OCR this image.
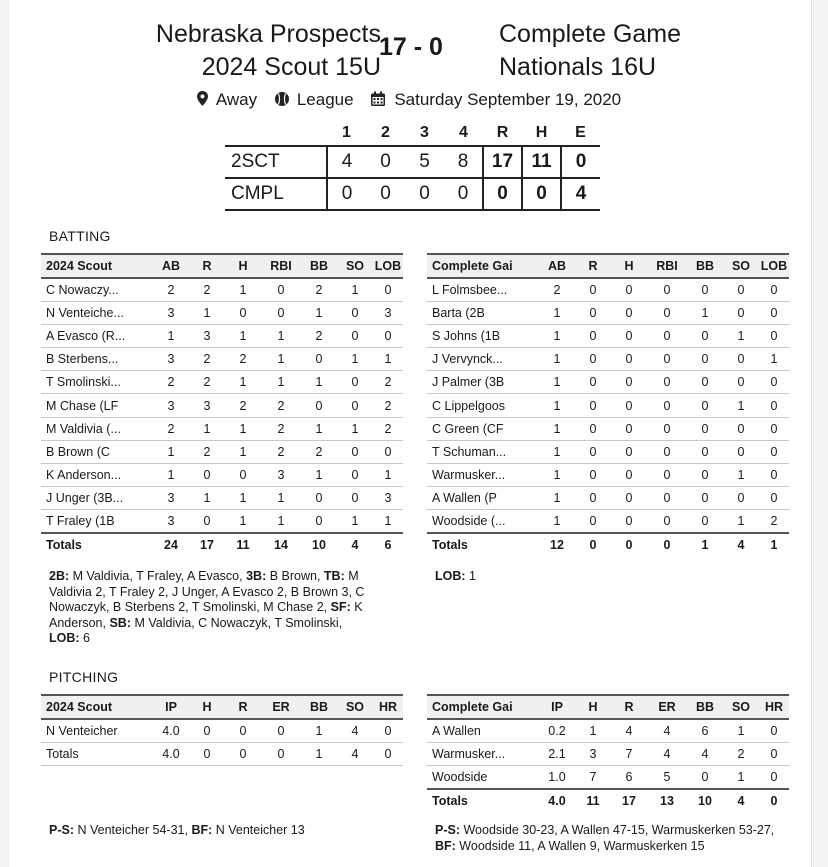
Nebraska Prospects
2024 Scout 15U
17 - 0	Complete Game
Nationals 16U
Away League Saturday September 19, 2020
	1	2	3	4	R	H	E
2SCT	4	0	5	8	17	11	0
CMPL	0	0	0	0	0	0	4
BATTING
2024 Scout	AB	R	H	RBI	BB	SO	LOB
C Nowaczy...	2	2	1	0	2	1	0
N Venteiche...	3	1	0	0	1	0	3
A Evasco (R...	1	3	1	1	2	0	0
B Sterbens...	3	2	2	1	0	1	1
T Smolinski...	2	2	1	1	1	0	2
M Chase (LF	3	3	2	2	0	0	2
M Valdivia (...	2	1	1	2	1	1	2
B Brown (C	1	2	1	2	2	0	0
K Anderson...	1	0	0	3	1	0	1
J Unger (3B...	3	1	1	1	0	0	3
T Fraley (1B	3	0	1	1	0	1	1
Totals	24	17	11	14	10	4	6
Complete Gai	AB	R	H	RBI	BB	SO	LOB
L Folmsbee...	2	0	0	0	0	0	0
Barta (2B	1	0	0	0	1	0	0
S Johns (1B	1	0	0	0	0	1	0
J Vervynck...	1	0	0	0	0	0	1
J Palmer (3B	1	0	0	0	0	0	0
C Lippelgoos	1	0	0	0	0	1	0
C Green (CF	1	0	0	0	0	0	0
T Schuman...	1	0	0	0	0	0	0
Warmusker...	1	0	0	0	0	1	0
A Wallen (P	1	0	0	0	0	0	0
Woodside (...	1	0	0	0	0	1	2
Totals	12	0	0	0	1	4	1
2B: M Valdivia, T Fraley, A Evasco, 3B: B Brown, TB: M Valdivia 2, T Fraley 2, J Unger, A Evasco 2, B Brown 3, C Nowaczyk, B Sterbens 2, T Smolinski, M Chase 2, SF: K Anderson, SB: M Valdivia, C Nowaczyk, T Smolinski,
LOB: 6
LOB: 1
PITCHING
2024 Scout	IP	H	R	ER	BB	SO	HR
N Venteicher	4.0	0	0	0	1	4	0
Totals	4.0	0	0	0	1	4	0
Complete Gai	IP	H	R	ER	BB	SO	HR
A Wallen	0.2	1	4	4	6	1	0
Warmusker...	2.1	3	7	4	4	2	0
Woodside	1.0	7	6	5	0	1	0
Totals	4.0	11	17	13	10	4	0
P-S: N Venteicher 54-31, BF: N Venteicher 13	P-S: Woodside 30-23, A Wallen 47-15, Warmuskerken 53-27, BF: Woodside 11, A Wallen 9, Warmuskerken 15
